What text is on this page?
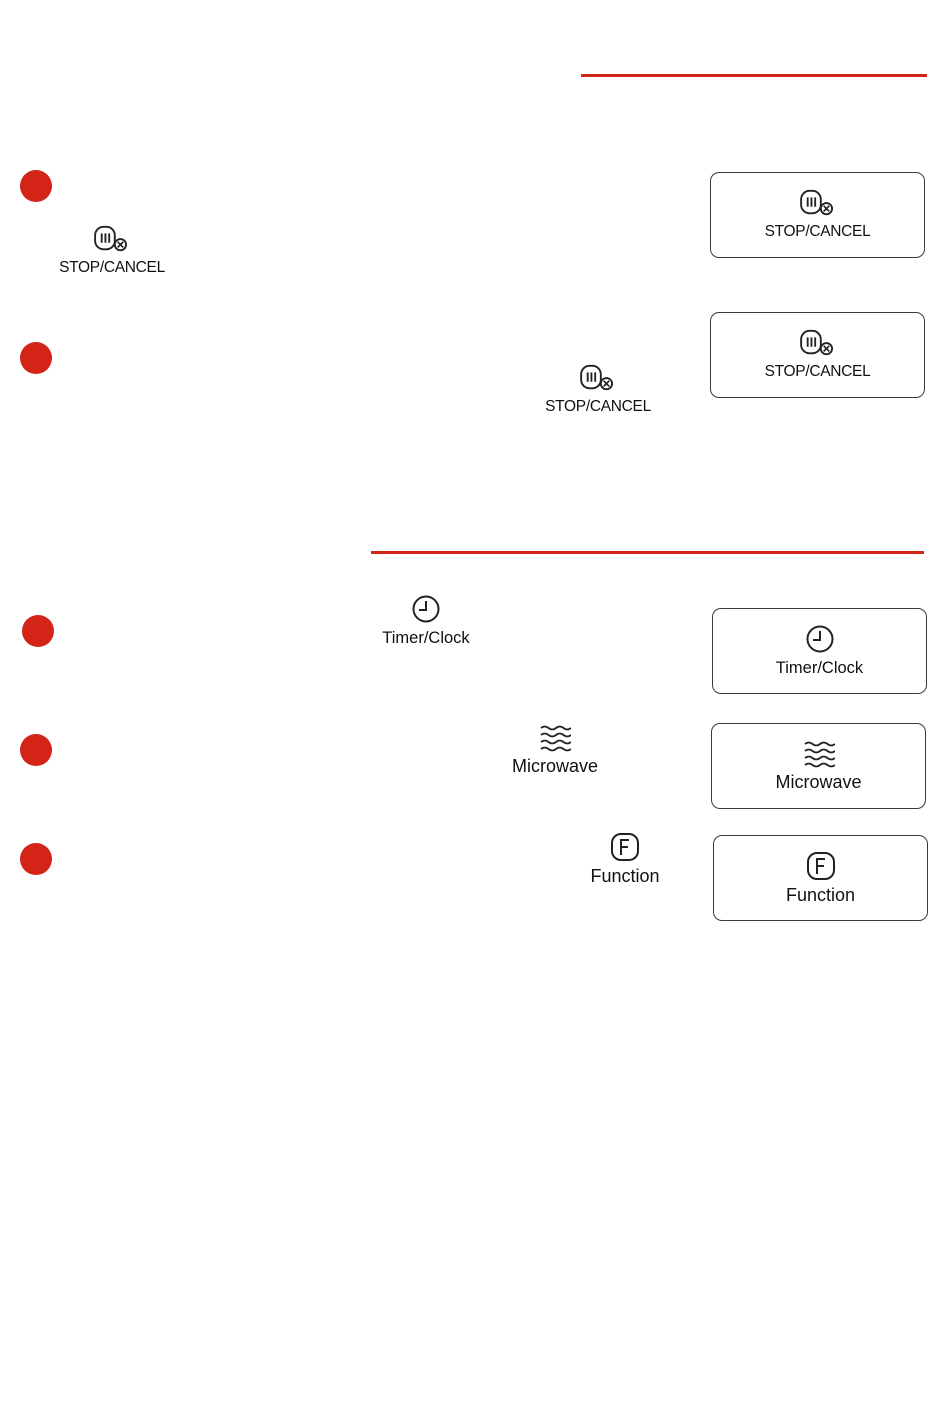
STOP/CANCEL
STOP/CANCEL
STOP/CANCEL
STOP/CANCEL
Timer/Clock
Timer/Clock
Microwave
Microwave
Function
Function
